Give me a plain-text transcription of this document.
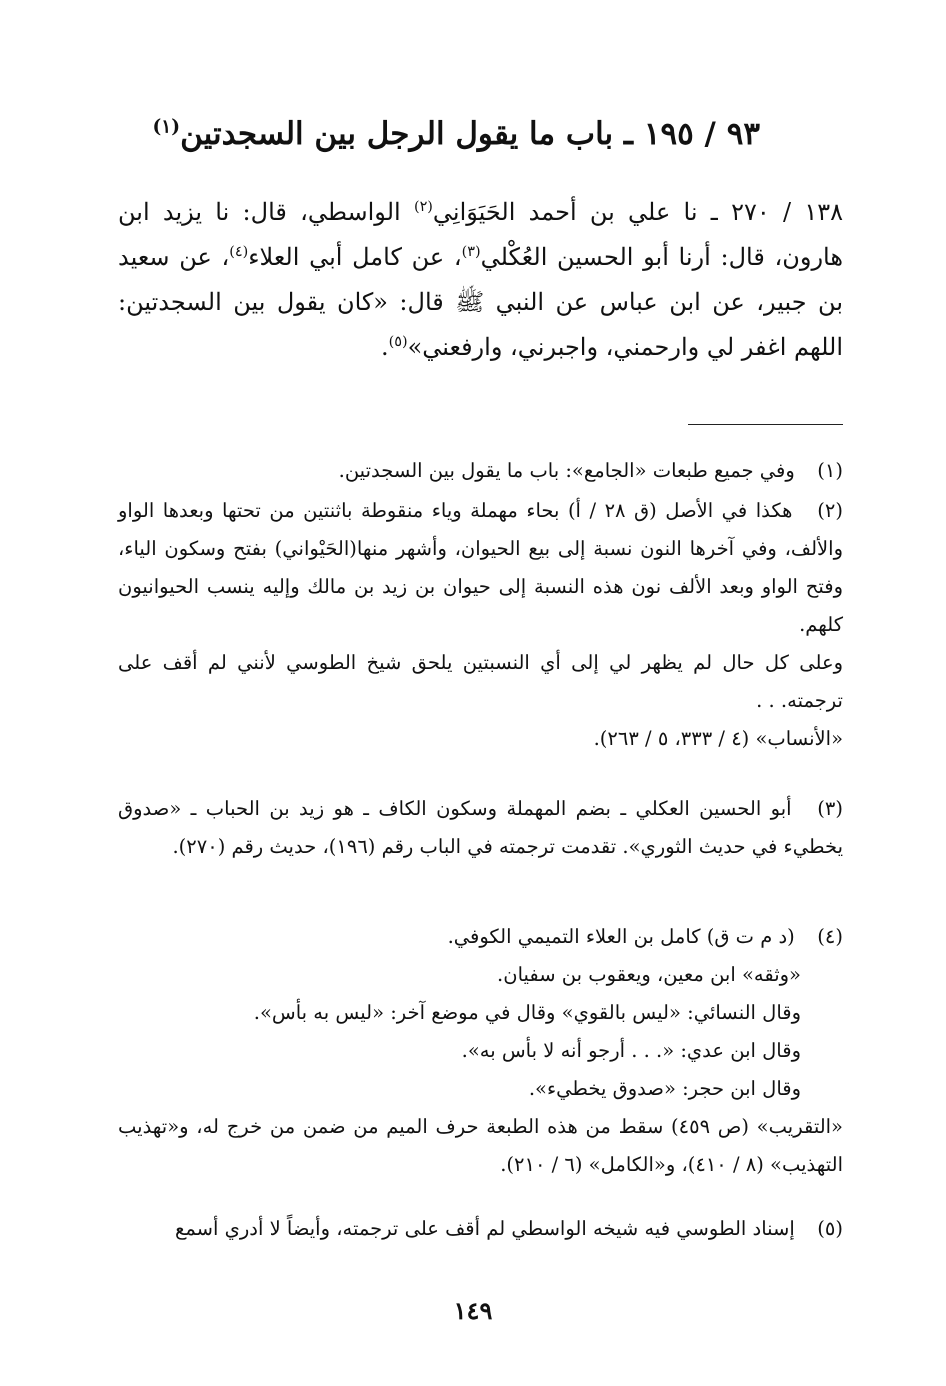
٩٣ / ١٩٥ ـ باب ما يقول الرجل بين السجدتين$^{(١)}$
١٣٨ / ٢٧٠ ـ نا علي بن أحمد الحَيَوَانِي$^{(٢)}$ الواسطي، قال: نا يزيد ابن هارون، قال: أرنا أبو الحسين العُكْلي$^{(٣)}$، عن كامل أبي العلاء$^{(٤)}$، عن سعيد بن جبير، عن ابن عباس عن النبي ﷺ قال: «كان يقول بين السجدتين: اللهم اغفر لي وارحمني، واجبرني، وارفعني»$^{(٥)}$.
(١) وفي جميع طبعات «الجامع»: باب ما يقول بين السجدتين.
(٢) هكذا في الأصل (ق ٢٨ / أ) بحاء مهملة وياء منقوطة باثنتين من تحتها وبعدها الواو والألف، وفي آخرها النون نسبة إلى بيع الحيوان، وأشهر منها(الحَيْواني) بفتح وسكون الياء، وفتح الواو وبعد الألف نون هذه النسبة إلى حيوان بن زيد بن مالك وإليه ينسب الحيوانيون كلهم.
وعلى كل حال لم يظهر لي إلى أي النسبتين يلحق شيخ الطوسي لأنني لم أقف على ترجمته. . .
«الأنساب» (٤ / ٣٣٣، ٥ / ٢٦٣).
(٣) أبو الحسين العكلي ـ بضم المهملة وسكون الكاف ـ هو زيد بن الحباب ـ «صدوق يخطيء في حديث الثوري». تقدمت ترجمته في الباب رقم (١٩٦)، حديث رقم (٢٧٠).
(٤) (د م ت ق) كامل بن العلاء التميمي الكوفي.
«وثقه» ابن معين، ويعقوب بن سفيان.
وقال النسائي: «ليس بالقوي» وقال في موضع آخر: «ليس به بأس».
وقال ابن عدي: «. . . أرجو أنه لا بأس به».
وقال ابن حجر: «صدوق يخطيء».
«التقريب» (ص ٤٥٩) سقط من هذه الطبعة حرف الميم من ضمن من خرج له، و«تهذيب التهذيب» (٨ / ٤١٠)، و«الكامل» (٦ / ٢١٠).
(٥) إسناد الطوسي فيه شيخه الواسطي لم أقف على ترجمته، وأيضاً لا أدري أسمع
١٤٩
